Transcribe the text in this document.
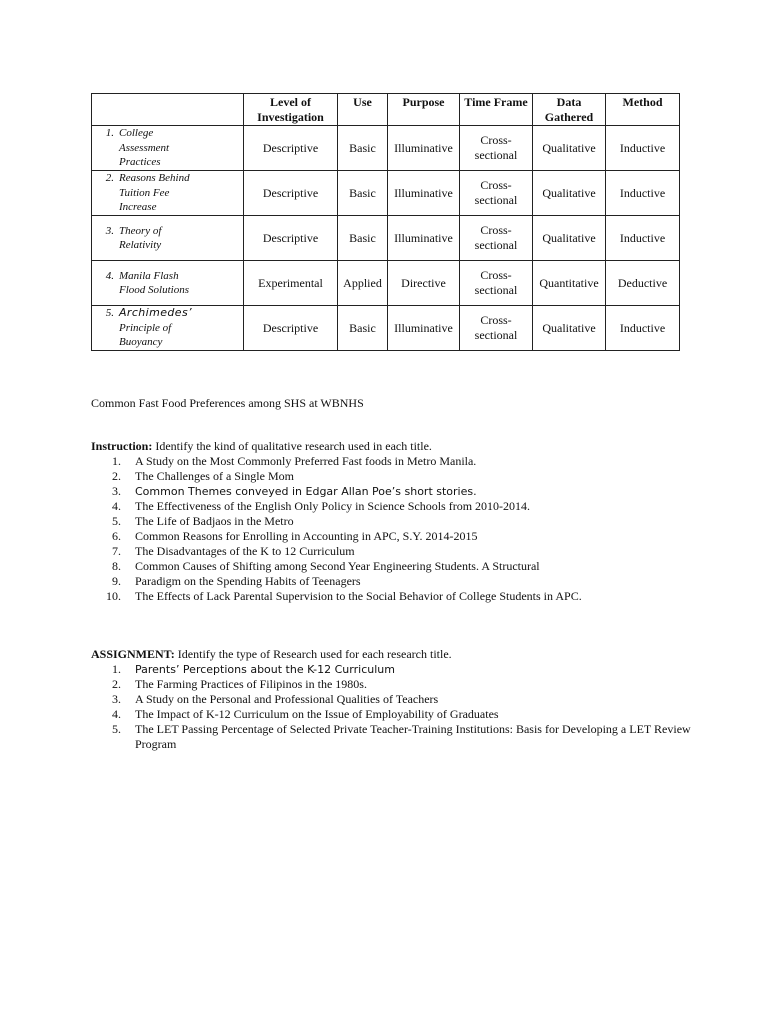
	Level of Investigation	Use	Purpose	Time Frame	Data Gathered	Method
1. College
Assessment
Practices	Descriptive	Basic	Illuminative	Cross-sectional	Qualitative	Inductive
2. Reasons Behind
Tuition Fee
Increase	Descriptive	Basic	Illuminative	Cross-sectional	Qualitative	Inductive
3. Theory of
Relativity	Descriptive	Basic	Illuminative	Cross-sectional	Qualitative	Inductive
4. Manila Flash
Flood Solutions	Experimental	Applied	Directive	Cross-sectional	Quantitative	Deductive
5. Archimedes’
Principle of
Buoyancy	Descriptive	Basic	Illuminative	Cross-sectional	Qualitative	Inductive
Common Fast Food Preferences among SHS at WBNHS

Instruction: Identify the kind of qualitative research used in each title.

1. A Study on the Most Commonly Preferred Fast foods in Metro Manila.
2. The Challenges of a Single Mom
3. Common Themes conveyed in Edgar Allan Poe’s short stories.
4. The Effectiveness of the English Only Policy in Science Schools from 2010-2014.
5. The Life of Badjaos in the Metro
6. Common Reasons for Enrolling in Accounting in APC, S.Y. 2014-2015
7. The Disadvantages of the K to 12 Curriculum
8. Common Causes of Shifting among Second Year Engineering Students. A Structural
9. Paradigm on the Spending Habits of Teenagers
10. The Effects of Lack Parental Supervision to the Social Behavior of College Students in APC.

ASSIGNMENT: Identify the type of Research used for each research title.

1. Parents’ Perceptions about the K-12 Curriculum
2. The Farming Practices of Filipinos in the 1980s.
3. A Study on the Personal and Professional Qualities of Teachers
4. The Impact of K-12 Curriculum on the Issue of Employability of Graduates
5. The LET Passing Percentage of Selected Private Teacher-Training Institutions: Basis for Developing a LET Review Program
